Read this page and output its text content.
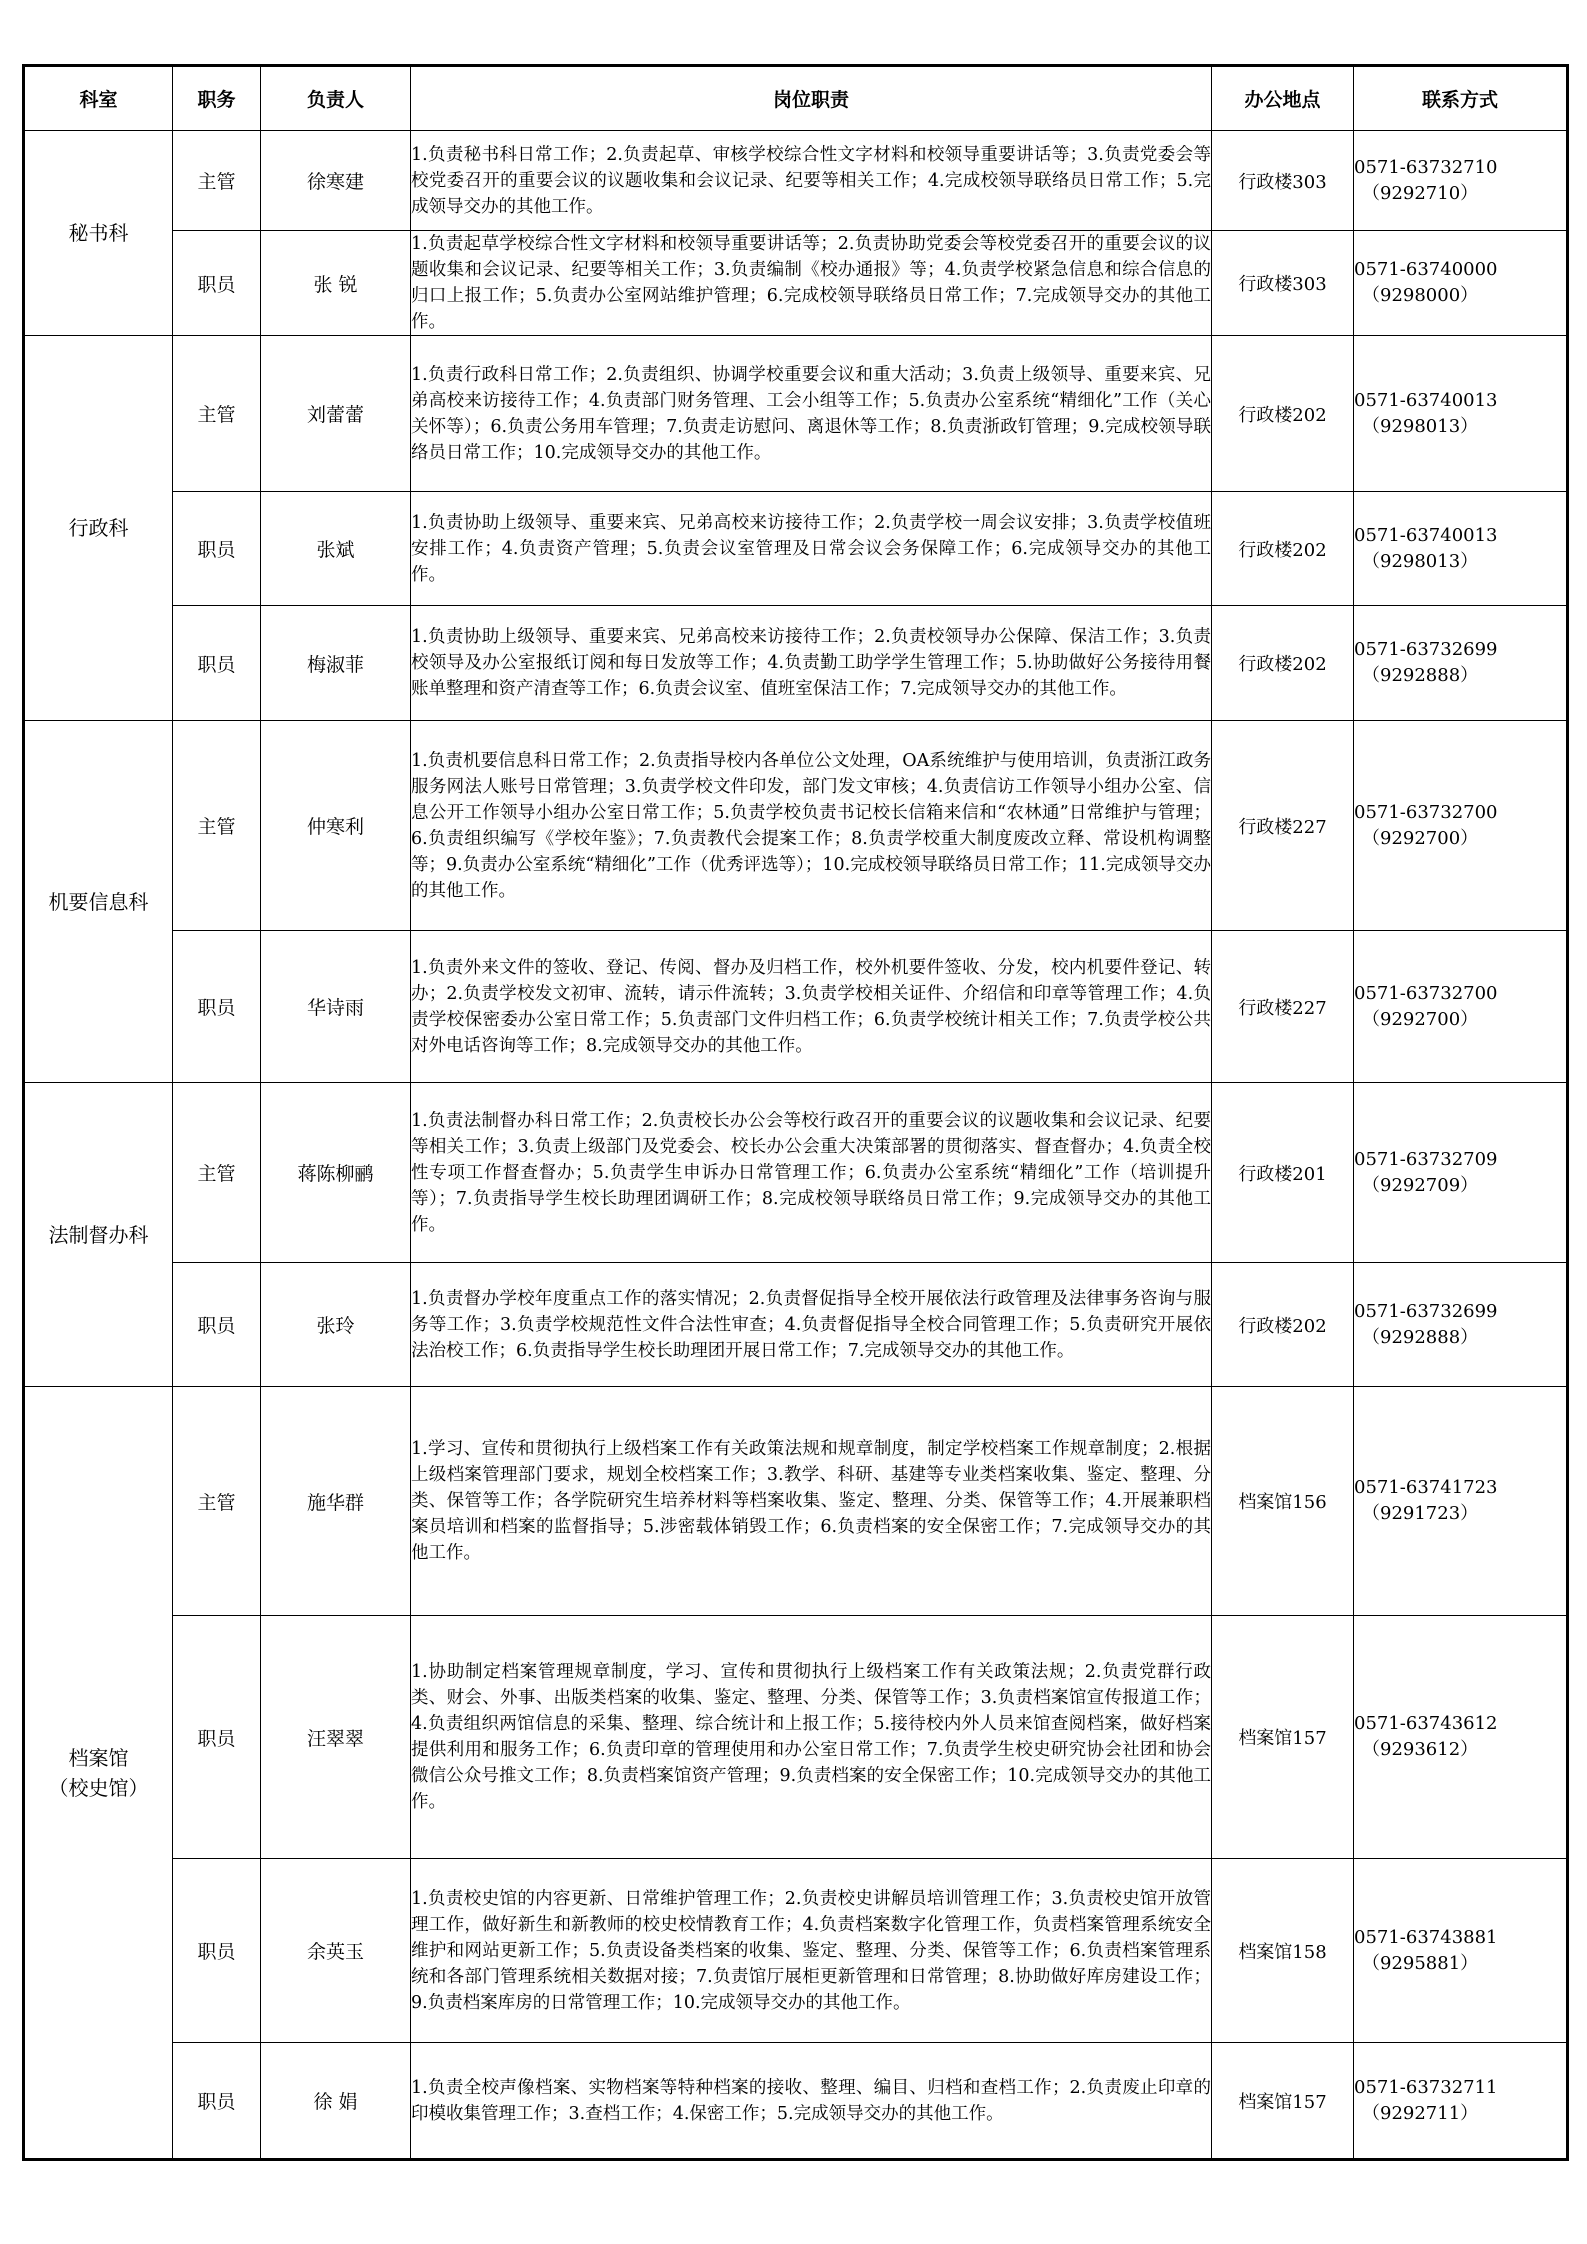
科室	职务	负责人	岗位职责	办公地点	联系方式

秘书科	主管	徐寒建	1.负责秘书科日常工作；2.负责起草、审核学校综合性文字材料和校领导重要讲话等；3.负责党委会等校党委召开的重要会议的议题收集和会议记录、纪要等相关工作；4.完成校领导联络员日常工作；5.完成领导交办的其他工作。	行政楼303	0571-63732710
（9292710）

	职员	张 锐	1.负责起草学校综合性文字材料和校领导重要讲话等；2.负责协助党委会等校党委召开的重要会议的议题收集和会议记录、纪要等相关工作；3.负责编制《校办通报》等；4.负责学校紧急信息和综合信息的归口上报工作；5.负责办公室网站维护管理；6.完成校领导联络员日常工作；7.完成领导交办的其他工作。	行政楼303	0571-63740000
（9298000）

行政科	主管	刘蕾蕾	1.负责行政科日常工作；2.负责组织、协调学校重要会议和重大活动；3.负责上级领导、重要来宾、兄弟高校来访接待工作；4.负责部门财务管理、工会小组等工作；5.负责办公室系统“精细化”工作（关心关怀等）；6.负责公务用车管理；7.负责走访慰问、离退休等工作；8.负责浙政钉管理；9.完成校领导联络员日常工作；10.完成领导交办的其他工作。	行政楼202	0571-63740013
（9298013）

	职员	张斌	1.负责协助上级领导、重要来宾、兄弟高校来访接待工作；2.负责学校一周会议安排；3.负责学校值班安排工作；4.负责资产管理；5.负责会议室管理及日常会议会务保障工作；6.完成领导交办的其他工作。	行政楼202	0571-63740013
（9298013）

	职员	梅淑菲	1.负责协助上级领导、重要来宾、兄弟高校来访接待工作；2.负责校领导办公保障、保洁工作；3.负责校领导及办公室报纸订阅和每日发放等工作；4.负责勤工助学学生管理工作；5.协助做好公务接待用餐账单整理和资产清查等工作；6.负责会议室、值班室保洁工作；7.完成领导交办的其他工作。	行政楼202	0571-63732699
（9292888）

机要信息科	主管	仲寒利	1.负责机要信息科日常工作；2.负责指导校内各单位公文处理，OA系统维护与使用培训，负责浙江政务服务网法人账号日常管理；3.负责学校文件印发，部门发文审核；4.负责信访工作领导小组办公室、信息公开工作领导小组办公室日常工作；5.负责学校负责书记校长信箱来信和“农林通”日常维护与管理；6.负责组织编写《学校年鉴》；7.负责教代会提案工作；8.负责学校重大制度废改立释、常设机构调整等；9.负责办公室系统“精细化”工作（优秀评选等）；10.完成校领导联络员日常工作；11.完成领导交办的其他工作。	行政楼227	0571-63732700
（9292700）

	职员	华诗雨	1.负责外来文件的签收、登记、传阅、督办及归档工作，校外机要件签收、分发，校内机要件登记、转办；2.负责学校发文初审、流转，请示件流转；3.负责学校相关证件、介绍信和印章等管理工作；4.负责学校保密委办公室日常工作；5.负责部门文件归档工作；6.负责学校统计相关工作；7.负责学校公共对外电话咨询等工作；8.完成领导交办的其他工作。	行政楼227	0571-63732700
（9292700）

法制督办科	主管	蒋陈柳鹂	1.负责法制督办科日常工作；2.负责校长办公会等校行政召开的重要会议的议题收集和会议记录、纪要等相关工作；3.负责上级部门及党委会、校长办公会重大决策部署的贯彻落实、督查督办；4.负责全校性专项工作督查督办；5.负责学生申诉办日常管理工作；6.负责办公室系统“精细化”工作（培训提升等）；7.负责指导学生校长助理团调研工作；8.完成校领导联络员日常工作；9.完成领导交办的其他工作。	行政楼201	0571-63732709
（9292709）

	职员	张玲	1.负责督办学校年度重点工作的落实情况；2.负责督促指导全校开展依法行政管理及法律事务咨询与服务等工作；3.负责学校规范性文件合法性审查；4.负责督促指导全校合同管理工作；5.负责研究开展依法治校工作；6.负责指导学生校长助理团开展日常工作；7.完成领导交办的其他工作。	行政楼202	0571-63732699
（9292888）

档案馆
（校史馆）	主管	施华群	1.学习、宣传和贯彻执行上级档案工作有关政策法规和规章制度，制定学校档案工作规章制度；2.根据上级档案管理部门要求，规划全校档案工作；3.教学、科研、基建等专业类档案收集、鉴定、整理、分类、保管等工作；各学院研究生培养材料等档案收集、鉴定、整理、分类、保管等工作；4.开展兼职档案员培训和档案的监督指导；5.涉密载体销毁工作；6.负责档案的安全保密工作；7.完成领导交办的其他工作。	档案馆156	0571-63741723
（9291723）

	职员	汪翠翠	1.协助制定档案管理规章制度，学习、宣传和贯彻执行上级档案工作有关政策法规；2.负责党群行政类、财会、外事、出版类档案的收集、鉴定、整理、分类、保管等工作；3.负责档案馆宣传报道工作；4.负责组织两馆信息的采集、整理、综合统计和上报工作；5.接待校内外人员来馆查阅档案，做好档案提供利用和服务工作；6.负责印章的管理使用和办公室日常工作；7.负责学生校史研究协会社团和协会微信公众号推文工作；8.负责档案馆资产管理；9.负责档案的安全保密工作；10.完成领导交办的其他工作。	档案馆157	0571-63743612
（9293612）

	职员	余英玉	1.负责校史馆的内容更新、日常维护管理工作；2.负责校史讲解员培训管理工作；3.负责校史馆开放管理工作，做好新生和新教师的校史校情教育工作；4.负责档案数字化管理工作，负责档案管理系统安全维护和网站更新工作；5.负责设备类档案的收集、鉴定、整理、分类、保管等工作；6.负责档案管理系统和各部门管理系统相关数据对接；7.负责馆厅展柜更新管理和日常管理；8.协助做好库房建设工作；9.负责档案库房的日常管理工作；10.完成领导交办的其他工作。	档案馆158	0571-63743881
（9295881）

	职员	徐 娟	1.负责全校声像档案、实物档案等特种档案的接收、整理、编目、归档和查档工作；2.负责废止印章的印模收集管理工作；3.查档工作；4.保密工作；5.完成领导交办的其他工作。	档案馆157	0571-63732711
（9292711）
